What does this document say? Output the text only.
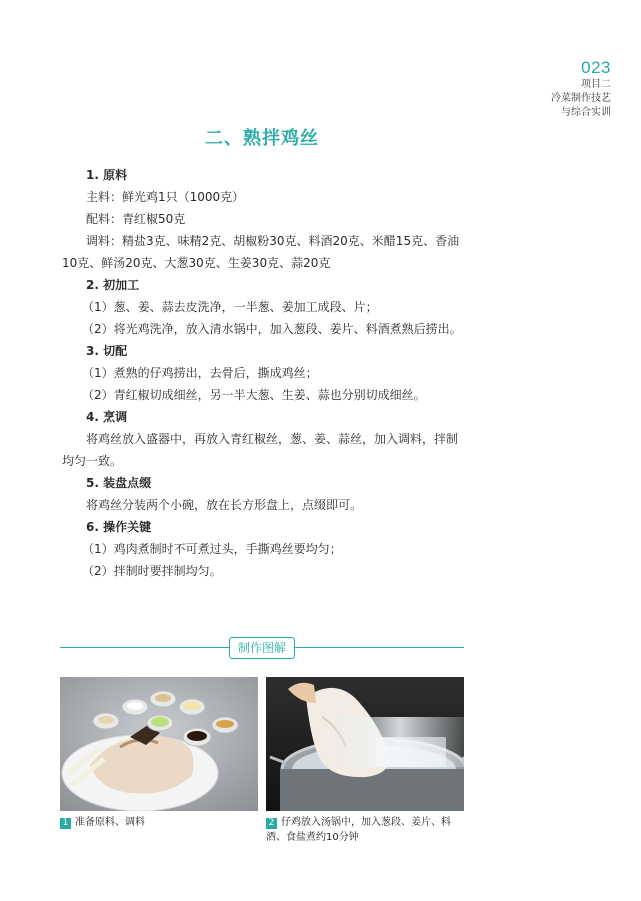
023
项目二
冷菜制作技艺
与综合实训
二、熟拌鸡丝

1. 原料

主料：鲜光鸡1只（1000克）

配料：青红椒50克

调料：精盐3克、味精2克、胡椒粉30克、料酒20克、米醋15克、香油10克、鲜汤20克、大葱30克、生姜30克、蒜20克

2. 初加工

（1）葱、姜、蒜去皮洗净，一半葱、姜加工成段、片；

（2）将光鸡洗净，放入清水锅中，加入葱段、姜片、料酒煮熟后捞出。

3. 切配

（1）煮熟的仔鸡捞出，去骨后，撕成鸡丝；

（2）青红椒切成细丝，另一半大葱、生姜、蒜也分别切成细丝。

4. 烹调

将鸡丝放入盛器中，再放入青红椒丝，葱、姜、蒜丝，加入调料，拌制均匀一致。

5. 装盘点缀

将鸡丝分装两个小碗，放在长方形盘上，点缀即可。

6. 操作关键

（1）鸡肉煮制时不可煮过头，手撕鸡丝要均匀；

（2）拌制时要拌制均匀。

制作图解
1 准备原料、调料	2 仔鸡放入汤锅中，加入葱段、姜片、料酒、食盐煮约10分钟
